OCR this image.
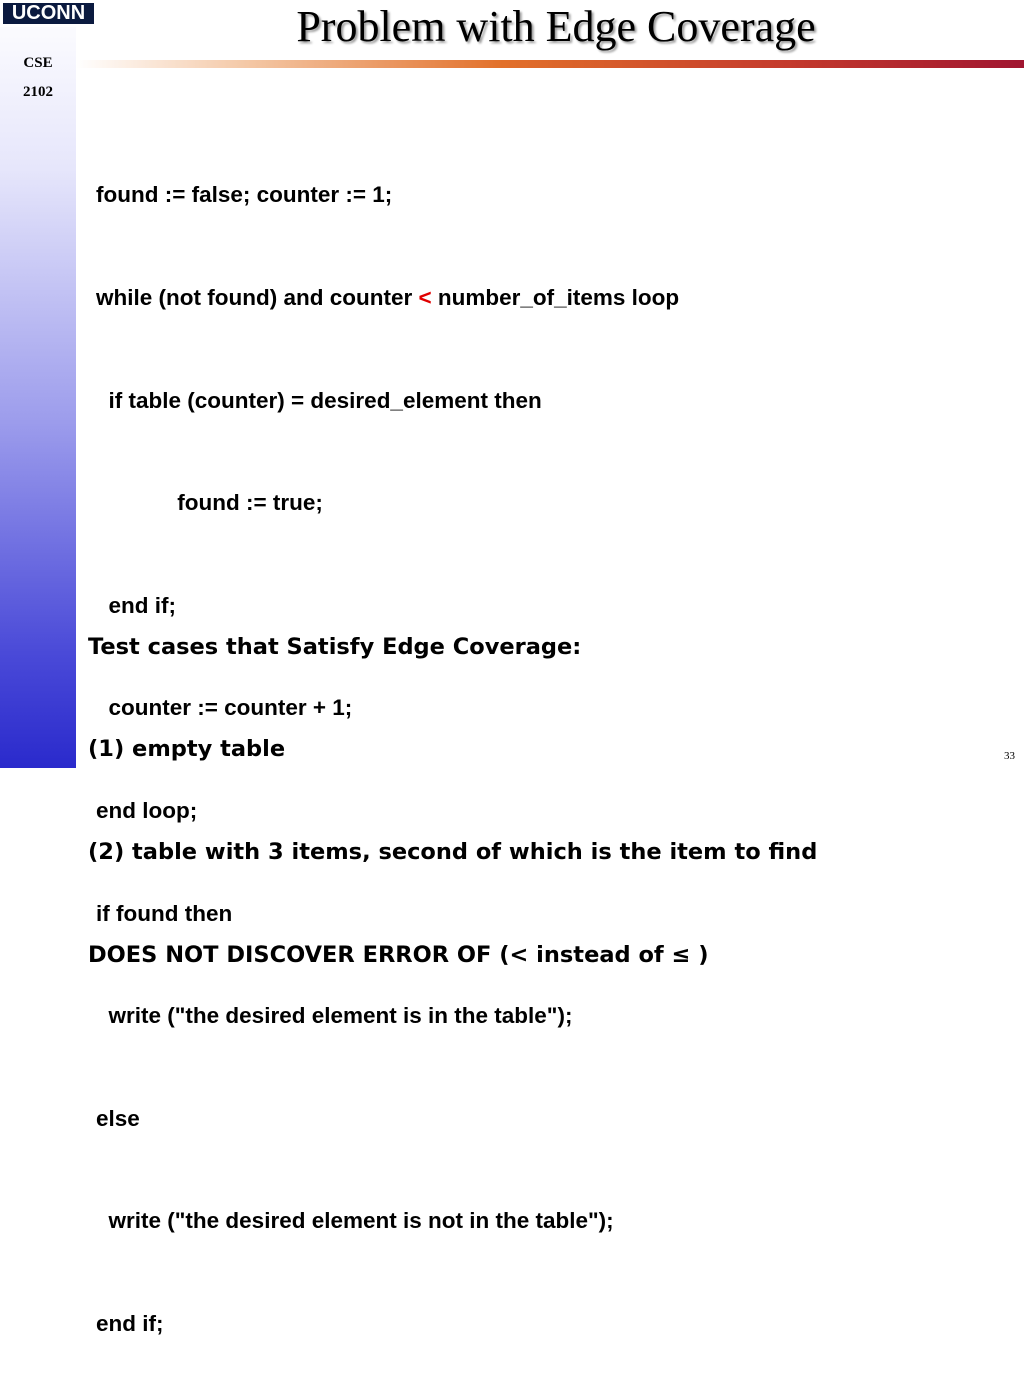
UCONN
CSE
2102
Problem with Edge Coverage

found := false; counter := 1;

while (not found) and counter < number_of_items loop

if table (counter) = desired_element then

found := true;

end if;

counter := counter + 1;

end loop;

if found then

write ("the desired element is in the table");

else

write ("the desired element is not in the table");

end if;

Test cases that Satisfy Edge Coverage:

(1) empty table

(2) table with 3 items, second of which is the item to find

DOES NOT DISCOVER ERROR OF (< instead of ≤ )

33
